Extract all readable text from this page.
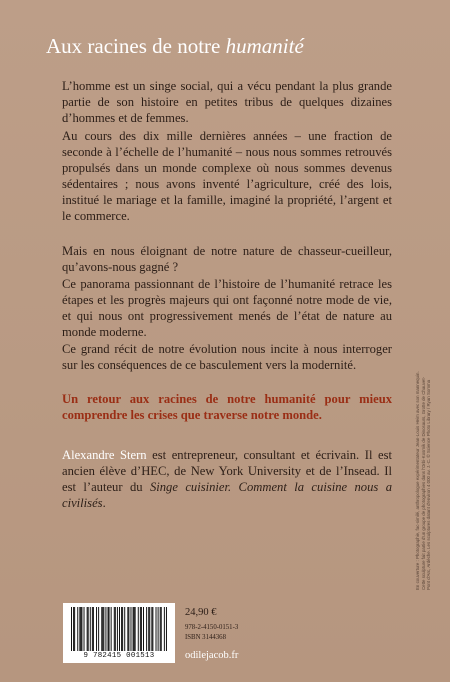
Aux racines de notre humanité

L’homme est un singe social, qui a vécu pendant la plus grande partie de son histoire en petites tribus de quelques dizaines d’hommes et de femmes.

Au cours des dix mille dernières années – une fraction de seconde à l’échelle de l’humanité – nous nous sommes retrouvés propulsés dans un monde complexe où nous sommes devenus sédentaires ; nous avons inventé l’agriculture, créé des lois, institué le mariage et la famille, imaginé la propriété, l’argent et le commerce.

Mais en nous éloignant de notre nature de chasseur-cueilleur, qu’avons-nous gagné ?

Ce panorama passionnant de l’histoire de l’humanité retrace les étapes et les progrès majeurs qui ont façonné notre mode de vie, et qui nous ont progressivement menés de l’état de nature au monde moderne.

Ce grand récit de notre évolution nous incite à nous interroger sur les conséquences de ce basculement vers la modernité.

Un retour aux racines de notre humanité pour mieux comprendre les crises que traverse notre monde.
Alexandre Stern est entrepreneur, consultant et écrivain. Il est ancien élève d’HEC, de New York University et de l’Insead. Il est l’auteur du Singe cuisinier. Comment la cuisine nous a civilisés.	En couverture : Photographie, fac-similé, anthropologue expérimentateur Jean-Louis Heim avec son mannequin. Cette sculpture fait partie d'un groupe de photographies dans l'Orbi-Kosmik de Dinosaurs, Grotte de Chauvet-Pont d'Arc, Ardèche. Les sculptures datant d'environ 4 000 av. J.-C. © Science Photo Library / Ryan Somma
9 782415 001513
24,90 €
978-2-4150-0151-3
ISBN 3144368
odilejacob.fr
